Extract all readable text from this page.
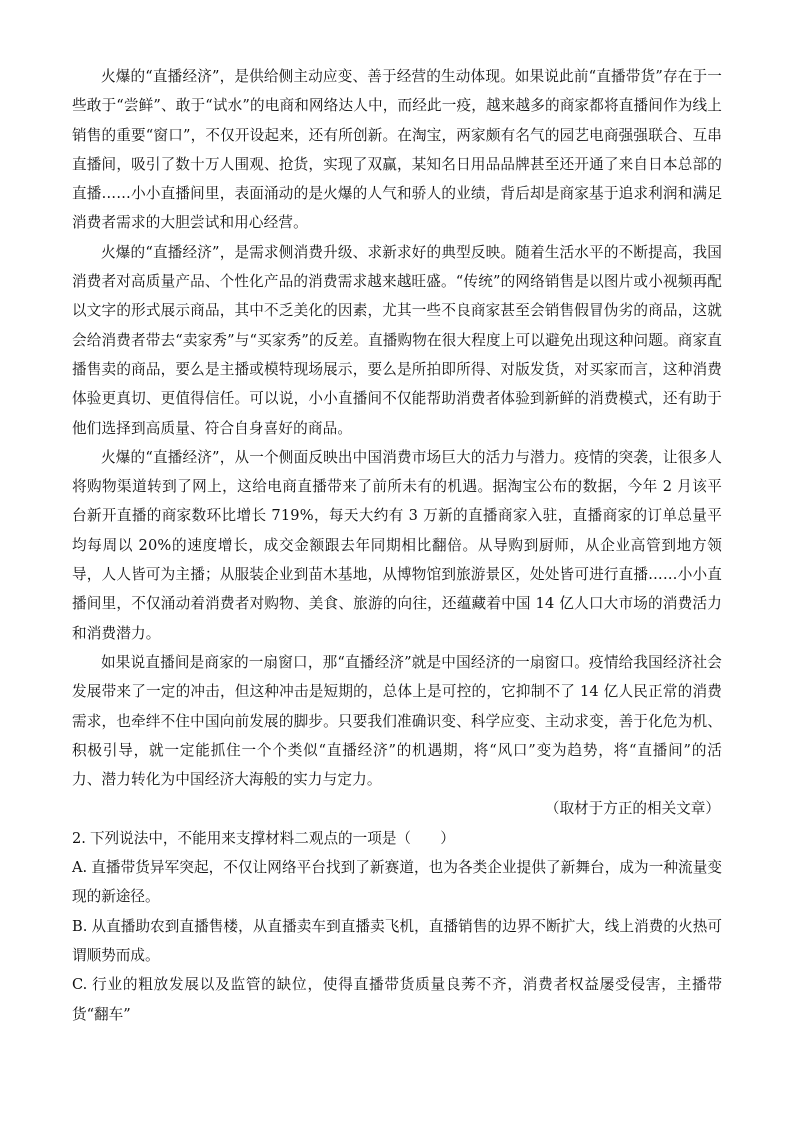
火爆的“直播经济”，是供给侧主动应变、善于经营的生动体现。如果说此前“直播带货”存在于一些敢于“尝鲜”、敢于“试水”的电商和网络达人中，而经此一疫，越来越多的商家都将直播间作为线上销售的重要“窗口”，不仅开设起来，还有所创新。在淘宝，两家颇有名气的园艺电商强强联合、互串直播间，吸引了数十万人围观、抢货，实现了双赢，某知名日用品品牌甚至还开通了来自日本总部的直播……小小直播间里，表面涌动的是火爆的人气和骄人的业绩，背后却是商家基于追求利润和满足消费者需求的大胆尝试和用心经营。

火爆的“直播经济”，是需求侧消费升级、求新求好的典型反映。随着生活水平的不断提高，我国消费者对高质量产品、个性化产品的消费需求越来越旺盛。“传统”的网络销售是以图片或小视频再配以文字的形式展示商品，其中不乏美化的因素，尤其一些不良商家甚至会销售假冒伪劣的商品，这就会给消费者带去“卖家秀”与“买家秀”的反差。直播购物在很大程度上可以避免出现这种问题。商家直播售卖的商品，要么是主播或模特现场展示，要么是所拍即所得、对版发货，对买家而言，这种消费体验更真切、更值得信任。可以说，小小直播间不仅能帮助消费者体验到新鲜的消费模式，还有助于他们选择到高质量、符合自身喜好的商品。

火爆的“直播经济”，从一个侧面反映出中国消费市场巨大的活力与潜力。疫情的突袭，让很多人将购物渠道转到了网上，这给电商直播带来了前所未有的机遇。据淘宝公布的数据，今年 2 月该平台新开直播的商家数环比增长 719%，每天大约有 3 万新的直播商家入驻，直播商家的订单总量平均每周以 20%的速度增长，成交金额跟去年同期相比翻倍。从导购到厨师，从企业高管到地方领导，人人皆可为主播；从服装企业到苗木基地，从博物馆到旅游景区，处处皆可进行直播……小小直播间里，不仅涌动着消费者对购物、美食、旅游的向往，还蕴藏着中国 14 亿人口大市场的消费活力和消费潜力。

如果说直播间是商家的一扇窗口，那“直播经济”就是中国经济的一扇窗口。疫情给我国经济社会发展带来了一定的冲击，但这种冲击是短期的，总体上是可控的，它抑制不了 14 亿人民正常的消费需求，也牵绊不住中国向前发展的脚步。只要我们准确识变、科学应变、主动求变，善于化危为机、积极引导，就一定能抓住一个个类似“直播经济”的机遇期，将“风口”变为趋势，将“直播间”的活力、潜力转化为中国经济大海般的实力与定力。

（取材于方正的相关文章）

2. 下列说法中，不能用来支撑材料二观点的一项是（　　）

A. 直播带货异军突起，不仅让网络平台找到了新赛道，也为各类企业提供了新舞台，成为一种流量变现的新途径。

B. 从直播助农到直播售楼，从直播卖车到直播卖飞机，直播销售的边界不断扩大，线上消费的火热可谓顺势而成。

C. 行业的粗放发展以及监管的缺位，使得直播带货质量良莠不齐，消费者权益屡受侵害，主播带货“翻车”
